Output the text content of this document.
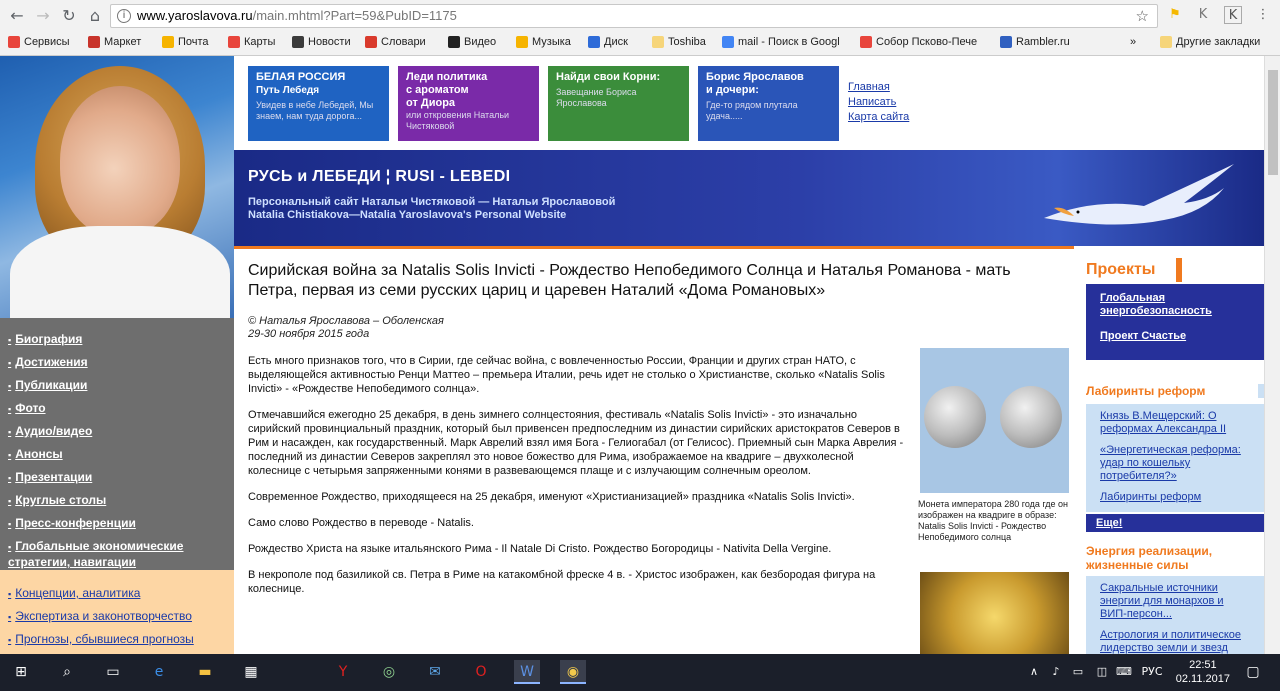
← → ↻ ⌂	i www.yaroslavova.ru/main.mhtml?Part=59&PubID=1175	☆ ⚑	K	K	⋮
Сервисы	Маркет	Почта	Карты	Новости	Словари	Видео	Музыка	Диск	Toshiba	mail - Поиск в Googl	Собор Псково-Пече	Rambler.ru	»	Другие закладки
▪ Биография
▪ Достижения
▪ Публикации
▪ Фото
▪ Аудио/видео
▪ Анонсы
▪ Презентации
▪ Круглые столы
▪ Пресс-конференции
▪ Глобальные экономические стратегии, навигации
▪ Концепции, аналитика
▪ Экспертиза и законотворчество
▪ Прогнозы, сбывшиеся прогнозы
БЕЛАЯ РОССИЯ
Путь Лебедя
Увидев в небе Лебедей, Мы знаем, нам туда дорога...
Леди политика
с ароматом
от Диора
или откровения Натальи Чистяковой
Найди свои Корни:
Завещание Бориса Ярославова
Борис Ярославов
и дочери:
Где-то рядом плутала удача.....
Главная
Написать
Карта сайта
РУСЬ и ЛЕБЕДИ ¦ RUSI - LEBEDI
Персональный сайт Натальи Чистяковой — Натальи Ярославовой
Natalia Chistiakova—Natalia Yaroslavova's Personal Website
Сирийская война за Natalis Solis Invicti - Рождество Непобедимого Солнца и Наталья Романова - мать Петра, первая из семи русских цариц и царевен Наталий «Дома Романовых»
© Наталья Ярославова – Оболенская
29-30 ноября 2015 года
Есть много признаков того, что в Сирии, где сейчас война, с вовлеченностью России, Франции и других стран НАТО, с выделяющейся активностью Ренци Маттео – премьера Италии, речь идет не столько о Христианстве, сколько «Natalis Solis Invicti» - «Рождестве Непобедимого солнца».
Отмечавшийся ежегодно 25 декабря, в день зимнего солнцестояния, фестиваль «Natalis Solis Invicti» - это изначально сирийский провинциальный праздник, который был привенсен предпоследним из династии сирийских аристократов Северов в Рим и насажден, как государственный. Марк Аврелий взял имя Бога - Гелиогабал (от Гелисос). Приемный сын Марка Аврелия - последний из династии Северов закреплял это новое божество для Рима, изображаемое на квадриге – двухколесной колеснице с четырьмя запряженными конями в развевающемся плаще и с излучающим солнечным ореолом.
Современное Рождество, приходящееся на 25 декабря, именуют «Христианизацией» праздника «Natalis Solis Invicti».
Само слово Рождество в переводе - Natalis.
Рождество Христа на языке итальянского Рима - Il Natale Di Cristo. Рождество Богородицы - Nativita Della Vergine.
В некрополе под базиликой св. Петра в Риме на катакомбной фреске 4 в. - Христос изображен, как безбородая фигура на колеснице.
Монета императора 280 года где он изображен на квадриге в образе: Natalis Solis Invicti - Рождество Непобедимого солнца
Проекты
Глобальная энергобезопасность
Проект Счастье
Лабиринты реформ
Князь В.Мещерский: О реформах Александра II
«Энергетическая реформа: удар по кошельку потребителя?»
Лабиринты реформ
Еще!
Энергия реализации, жизненные силы
Сакральные источники энергии для монархов и ВИП-персон...
Астрология и политическое лидерство земли и звезд
⊞	⌕	▭	e	▬	▦	Y	◎	✉	O	W	◉	∧	♪	▭	◫ ⌨ РУС	22:51
02.11.2017	▢
